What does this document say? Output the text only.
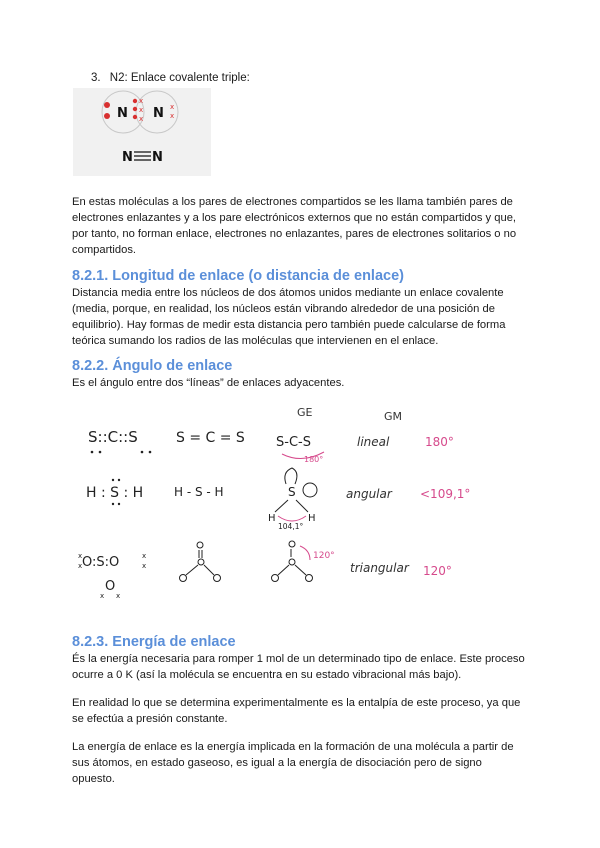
3. N2: Enlace covalente triple:
N N
x
x
x
x
x
N N

En estas moléculas a los pares de electrones compartidos se les llama también pares de electrones enlazantes y a los pare electrónicos externos que no están compartidos y que, por tanto, no forman enlace, electrones no enlazantes, pares de electrones solitarios o no compartidos.

8.2.1. Longitud de enlace (o distancia de enlace)

Distancia media entre los núcleos de dos átomos unidos mediante un enlace covalente (media, porque, en realidad, los núcleos están vibrando alrededor de una posición de equilibrio). Hay formas de medir esta distancia pero también puede calcularse de forma teórica sumando los radios de las moléculas que intervienen en el enlace.

8.2.2. Ángulo de enlace

Es el ángulo entre dos “líneas” de enlaces adyacentes.

GE	GM
S::C::S	S = C = S S-C-S
180°
lineal	180°
H : S : H	H - S - H	S
H	H
104,1°
angular <109,1°
O:S:O
O
x
x
x
x
x x
120°
triangular 120°
8.2.3. Energía de enlace

És la energía necesaria para romper 1 mol de un determinado tipo de enlace. Este proceso ocurre a 0 K (así la molécula se encuentra en su estado vibracional más bajo).

En realidad lo que se determina experimentalmente es la entalpía de este proceso, ya que se efectúa a presión constante.

La energía de enlace es la energía implicada en la formación de una molécula a partir de sus átomos, en estado gaseoso, es igual a la energía de disociación pero de signo opuesto.
